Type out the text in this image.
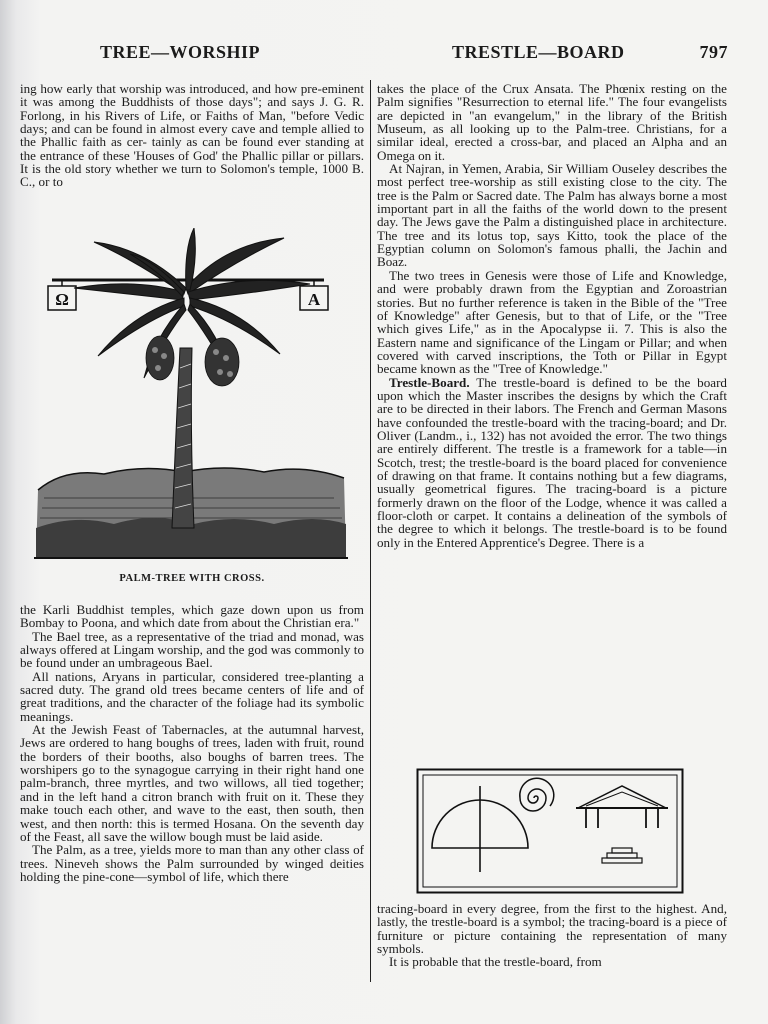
TREE—WORSHIP	TRESTLE—BOARD	797

ing how early that worship was introduced, and how pre-eminent it was among the Buddhists of those days"; and says J. G. R. Forlong, in his Rivers of Life, or Faiths of Man, "before Vedic days; and can be found in almost every cave and temple allied to the Phallic faith as cer- tainly as can be found ever standing at the entrance of these 'Houses of God' the Phallic pillar or pillars. It is the old story whether we turn to Solomon's temple, 1000 B. C., or to

Ω	A
PALM-TREE WITH CROSS.

the Karli Buddhist temples, which gaze down upon us from Bombay to Poona, and which date from about the Christian era."

The Bael tree, as a representative of the triad and monad, was always offered at Lingam worship, and the god was commonly to be found under an umbrageous Bael.

All nations, Aryans in particular, considered tree-planting a sacred duty. The grand old trees became centers of life and of great traditions, and the character of the foliage had its symbolic meanings.

At the Jewish Feast of Tabernacles, at the autumnal harvest, Jews are ordered to hang boughs of trees, laden with fruit, round the borders of their booths, also boughs of barren trees. The worshipers go to the synagogue carrying in their right hand one palm-branch, three myrtles, and two willows, all tied together; and in the left hand a citron branch with fruit on it. These they make touch each other, and wave to the east, then south, then west, and then north: this is termed Hosana. On the seventh day of the Feast, all save the willow bough must be laid aside.

The Palm, as a tree, yields more to man than any other class of trees. Nineveh shows the Palm surrounded by winged deities holding the pine-cone—symbol of life, which there

takes the place of the Crux Ansata. The Phœnix resting on the Palm signifies "Resurrection to eternal life." The four evangelists are depicted in "an evangelum," in the library of the British Museum, as all looking up to the Palm-tree. Christians, for a similar ideal, erected a cross-bar, and placed an Alpha and an Omega on it.

At Najran, in Yemen, Arabia, Sir William Ouseley describes the most perfect tree-worship as still existing close to the city. The tree is the Palm or Sacred date. The Palm has always borne a most important part in all the faiths of the world down to the present day. The Jews gave the Palm a distinguished place in architecture. The tree and its lotus top, says Kitto, took the place of the Egyptian column on Solomon's famous phalli, the Jachin and Boaz.

The two trees in Genesis were those of Life and Knowledge, and were probably drawn from the Egyptian and Zoroastrian stories. But no further reference is taken in the Bible of the "Tree of Knowledge" after Genesis, but to that of Life, or the "Tree which gives Life," as in the Apocalypse ii. 7. This is also the Eastern name and significance of the Lingam or Pillar; and when covered with carved inscriptions, the Toth or Pillar in Egypt became known as the "Tree of Knowledge."

Trestle-Board. The trestle-board is defined to be the board upon which the Master inscribes the designs by which the Craft are to be directed in their labors. The French and German Masons have confounded the trestle-board with the tracing-board; and Dr. Oliver (Landm., i., 132) has not avoided the error. The two things are entirely different. The trestle is a framework for a table—in Scotch, trest; the trestle-board is the board placed for convenience of drawing on that frame. It contains nothing but a few diagrams, usually geometrical figures. The tracing-board is a picture formerly drawn on the floor of the Lodge, whence it was called a floor-cloth or carpet. It contains a delineation of the symbols of the degree to which it belongs. The trestle-board is to be found only in the Entered Apprentice's Degree. There is a

tracing-board in every degree, from the first to the highest. And, lastly, the trestle-board is a symbol; the tracing-board is a piece of furniture or picture containing the representation of many symbols.

It is probable that the trestle-board, from
